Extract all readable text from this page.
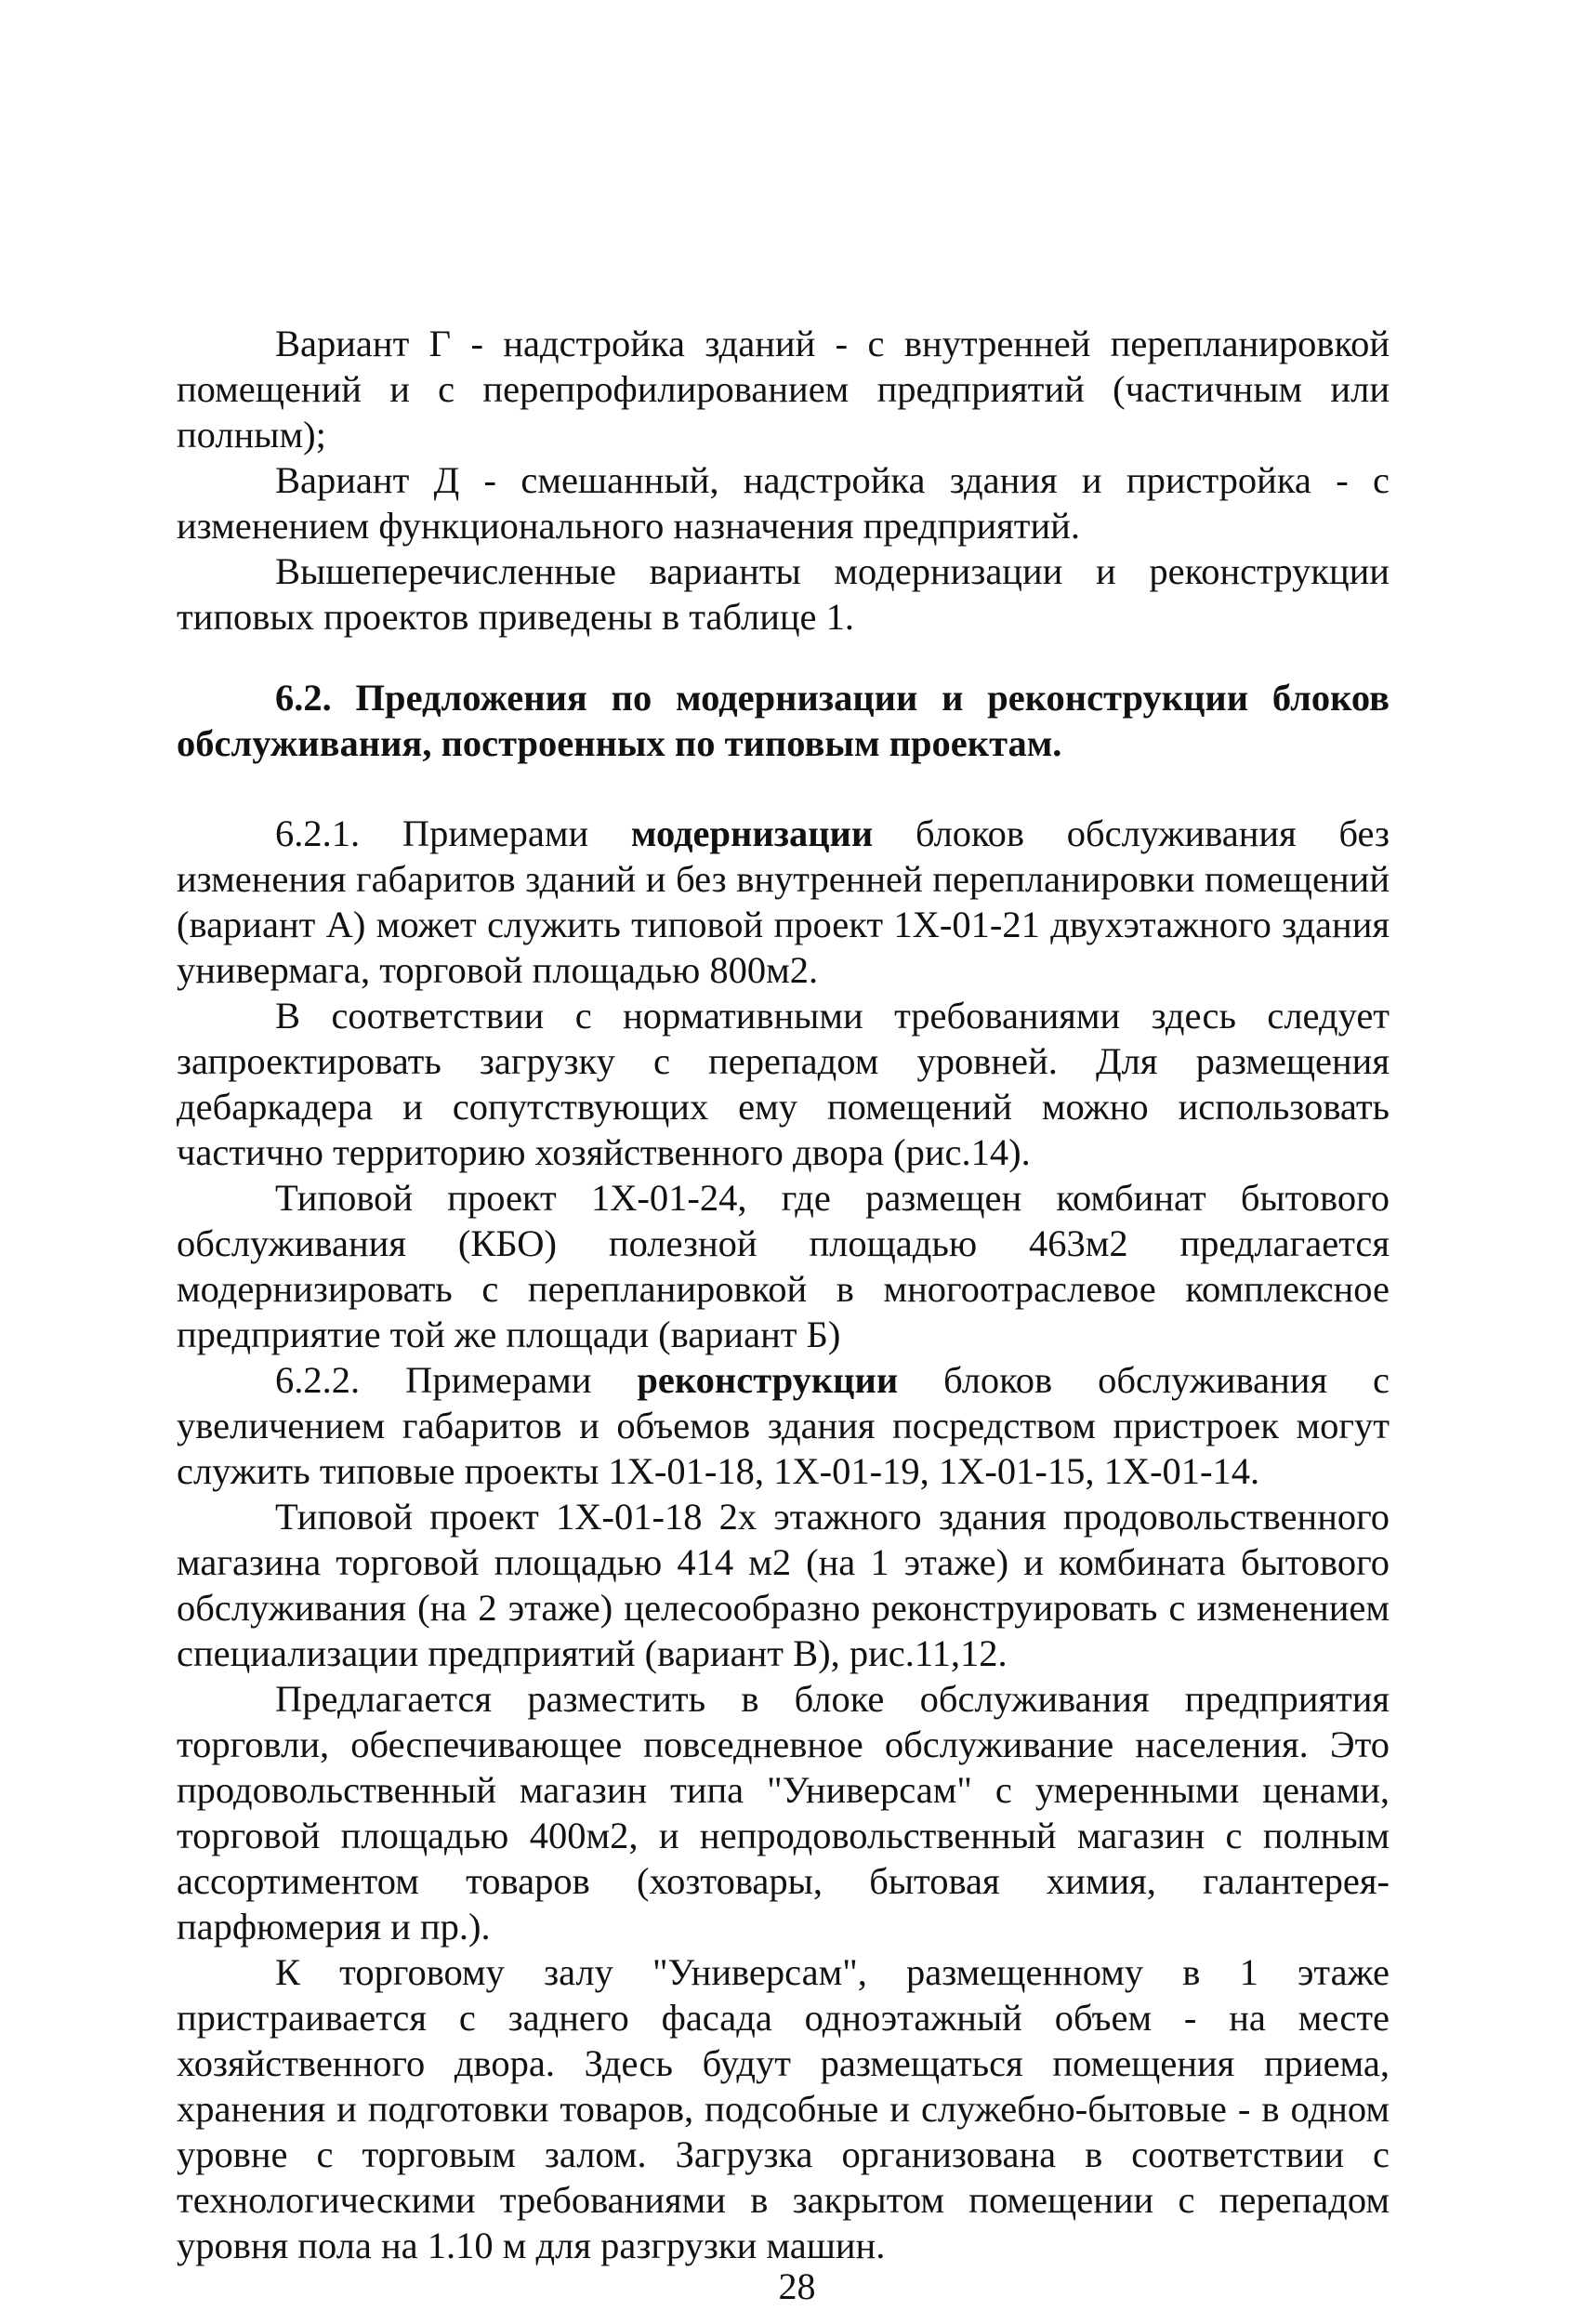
Вариант Г - надстройка зданий - с внутренней перепланировкой помещений и с перепрофилированием предприятий (частичным или полным);

Вариант Д - смешанный, надстройка здания и пристройка - с изменением функционального назначения предприятий.

Вышеперечисленные варианты модернизации и реконструкции типовых проектов приведены в таблице 1.

6.2. Предложения по модернизации и реконструкции блоков обслуживания, построенных по типовым проектам.

6.2.1. Примерами модернизации блоков обслуживания без изменения габаритов зданий и без внутренней перепланировки помещений (вариант А) может служить типовой проект 1Х-01-21 двухэтажного здания универмага, торговой площадью 800м2.

В соответствии с нормативными требованиями здесь следует запроектировать загрузку с перепадом уровней. Для размещения дебаркадера и сопутствующих ему помещений можно использовать частично территорию хозяйственного двора (рис.14).

Типовой проект 1Х-01-24, где размещен комбинат бытового обслуживания (КБО) полезной площадью 463м2 предлагается модернизировать с перепланировкой в многоотраслевое комплексное предприятие той же площади (вариант Б)

6.2.2. Примерами реконструкции блоков обслуживания с увеличением габаритов и объемов здания посредством пристроек могут служить типовые проекты 1Х-01-18, 1Х-01-19, 1Х-01-15, 1Х-01-14.

Типовой проект 1Х-01-18 2х этажного здания продовольственного магазина торговой площадью 414 м2 (на 1 этаже) и комбината бытового обслуживания (на 2 этаже) целесообразно реконструировать с изменением специализации предприятий (вариант В), рис.11,12.

Предлагается разместить в блоке обслуживания предприятия торговли, обеспечивающее повседневное обслуживание населения. Это продовольственный магазин типа "Универсам" с умеренными ценами, торговой площадью 400м2, и непродовольственный магазин с полным ассортиментом товаров (хозтовары, бытовая химия, галантерея-парфюмерия и пр.).

К торговому залу "Универсам", размещенному в 1 этаже пристраивается с заднего фасада одноэтажный объем - на месте хозяйственного двора. Здесь будут размещаться помещения приема, хранения и подготовки товаров, подсобные и служебно-бытовые - в одном уровне с торговым залом. Загрузка организована в соответствии с технологическими требованиями в закрытом помещении с перепадом уровня пола на 1.10 м для разгрузки машин.

28
